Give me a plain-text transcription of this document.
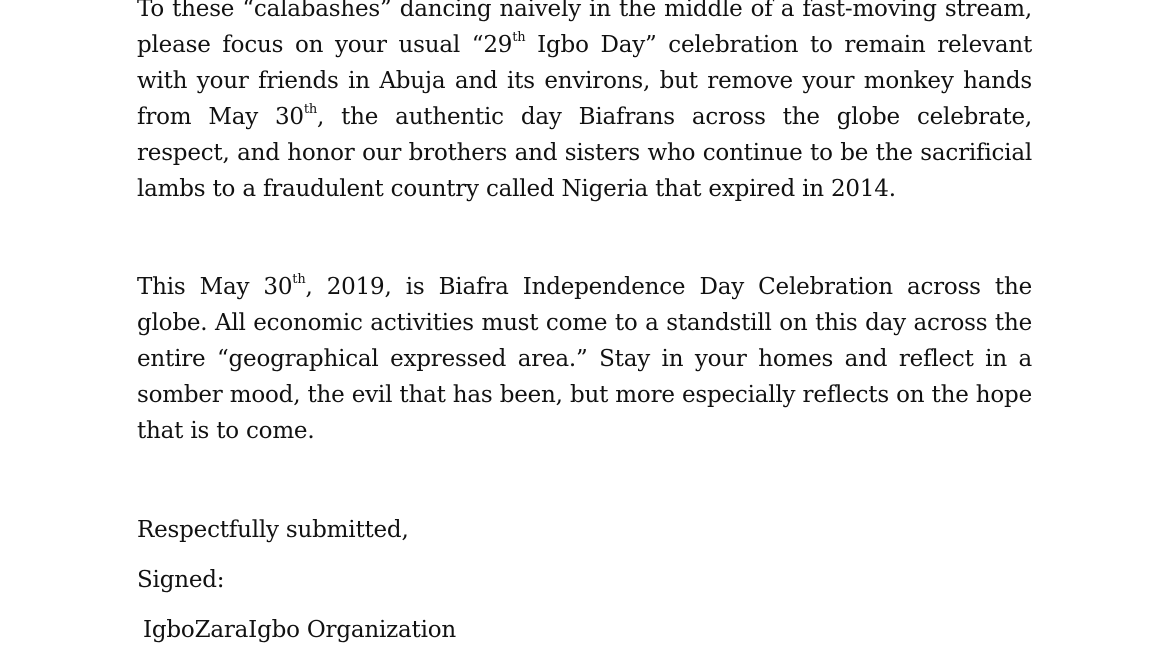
To these “calabashes” dancing naively in the middle of a fast-moving stream, please focus on your usual “29th Igbo Day” celebration to remain relevant with your friends in Abuja and its environs, but remove your monkey hands from May 30th, the authentic day Biafrans across the globe celebrate, respect, and honor our brothers and sisters who continue to be the sacrificial lambs to a fraudulent country called Nigeria that expired in 2014.

This May 30th, 2019, is Biafra Independence Day Celebration across the globe. All economic activities must come to a standstill on this day across the entire “geographical expressed area.” Stay in your homes and reflect in a somber mood, the evil that has been, but more especially reflects on the hope that is to come.

Respectfully submitted,

Signed:

IgboZaraIgbo Organization
